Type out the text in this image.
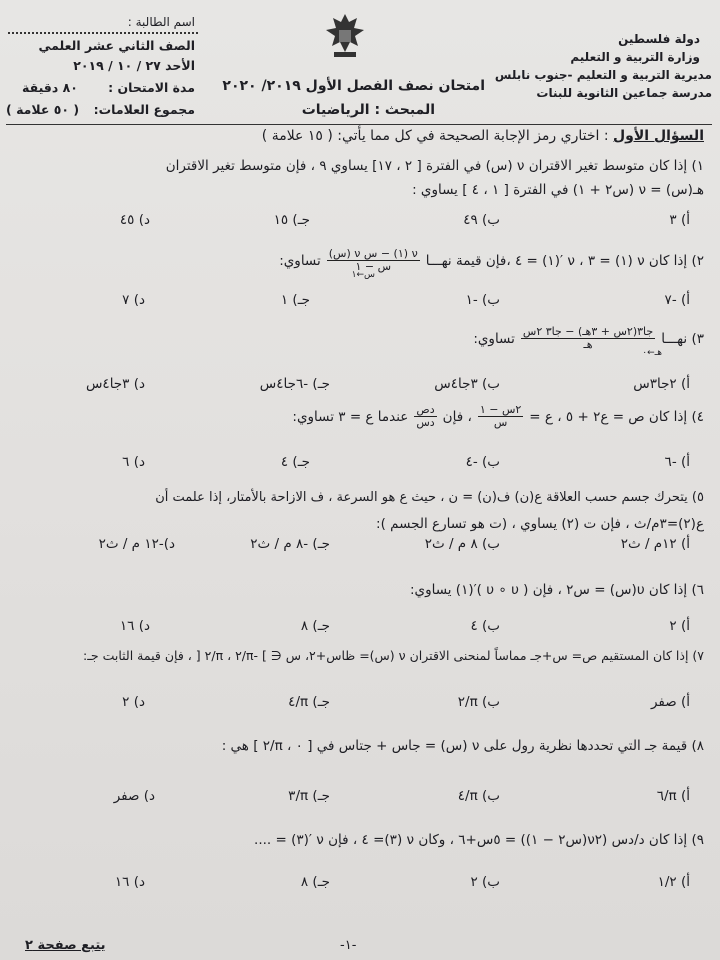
اسم الطالبة :
الصف الثاني عشر العلمي
الأحد ٢٧ / ١٠ / ٢٠١٩
مدة الامتحان :
٨٠ دقيقة
مجموع العلامات:
( ٥٠ علامة )
امتحان نصف الفصل الأول ٢٠١٩/ ٢٠٢٠
المبحث : الرياضيات
دولة فلسطين
وزارة التربية و التعليم
مديرية التربية و التعليم -جنوب نابلس
مدرسة جماعين الثانوية للبنات
السؤال الأول : اختاري رمز الإجابة الصحيحة في كل مما يأتي: ( ١٥ علامة )
١) إذا كان متوسط تغير الاقتران ν (س) في الفترة [ ٢ ، ١٧] يساوي ٩ ، فإن متوسط تغير الاقتران
هـ(س) = ν (س٢ + ١) في الفترة [ ١ ، ٤ ] يساوي :
أ) ٣
ب) ٤٩
جـ) ١٥
د) ٤٥
٢) إذا كان ν (١) = ٣ ، ν ′(١) = ٤ ،فإن قيمة نهـــا
$\frac{\text{ν (١) − س ν (س)}}{\text{س − ١}}$
تساوي:
س←١
أ) -٧
ب) -١
جـ) ١
د) ٧
٣) نهـــا
$\frac{\text{جا٣(٢س + ٣هـ) − جا٣ ٢س}}{\text{هـ}}$
تساوي:
هـ←٠
أ) ٢جا٣س
ب) ٣جا٤س
جـ) -٦جا٤س
د) ٣جا٤س
٤) إذا كان ص = ع٢ + ٥ ، ع =
$\frac{\text{٢س − ١}}{\text{س}}$
، فإن
$\frac{\text{دص}}{\text{دس}}$
عندما ع = ٣ تساوي:
أ) -٦
ب) -٤
جـ) ٤
د) ٦
٥) يتحرك جسم حسب العلاقة ع(ن) ف(ن) = ن ، حيث ع هو السرعة ، ف الازاحة بالأمتار، إذا علمت أن
ع(٢)=٣م/ث ، فإن ت (٢) يساوي ، (ت هو تسارع الجسم ):
أ) ١٢م / ث٢
ب) ٨ م / ث٢
جـ) -٨ م / ث٢
د)-١٢ م / ث٢
٦) إذا كان υ(س) = س٢ ، فإن ( υ ∘ υ )′(١) يساوي:
أ) ٢
ب) ٤
جـ) ٨
د) ١٦
٧) إذا كان المستقيم ص= س+جـ مماساً لمنحنى الاقتران ν (س)= ظاس+٢، س ∈ ] -π/٢ ، π/٢ [ ، فإن قيمة الثابت جـ:
أ) صفر
ب) π/٢
جـ) π/٤
د) ٢
٨) قيمة جـ التي تحددها نظرية رول على ν (س) = جاس + جتاس في [ ٠ ، π/٢ ] هي :
أ) π/٦
ب) π/٤
جـ) π/٣
د) صفر
٩) إذا كان د/دس (ν٢(س٢ − ١)) = ٥س+٦ ، وكان ν (٣)= ٤ ، فإن ν ′(٣) = ....
أ) ١/٢
ب) ٢
جـ) ٨
د) ١٦
يتبع صفحة ٢	-١-
